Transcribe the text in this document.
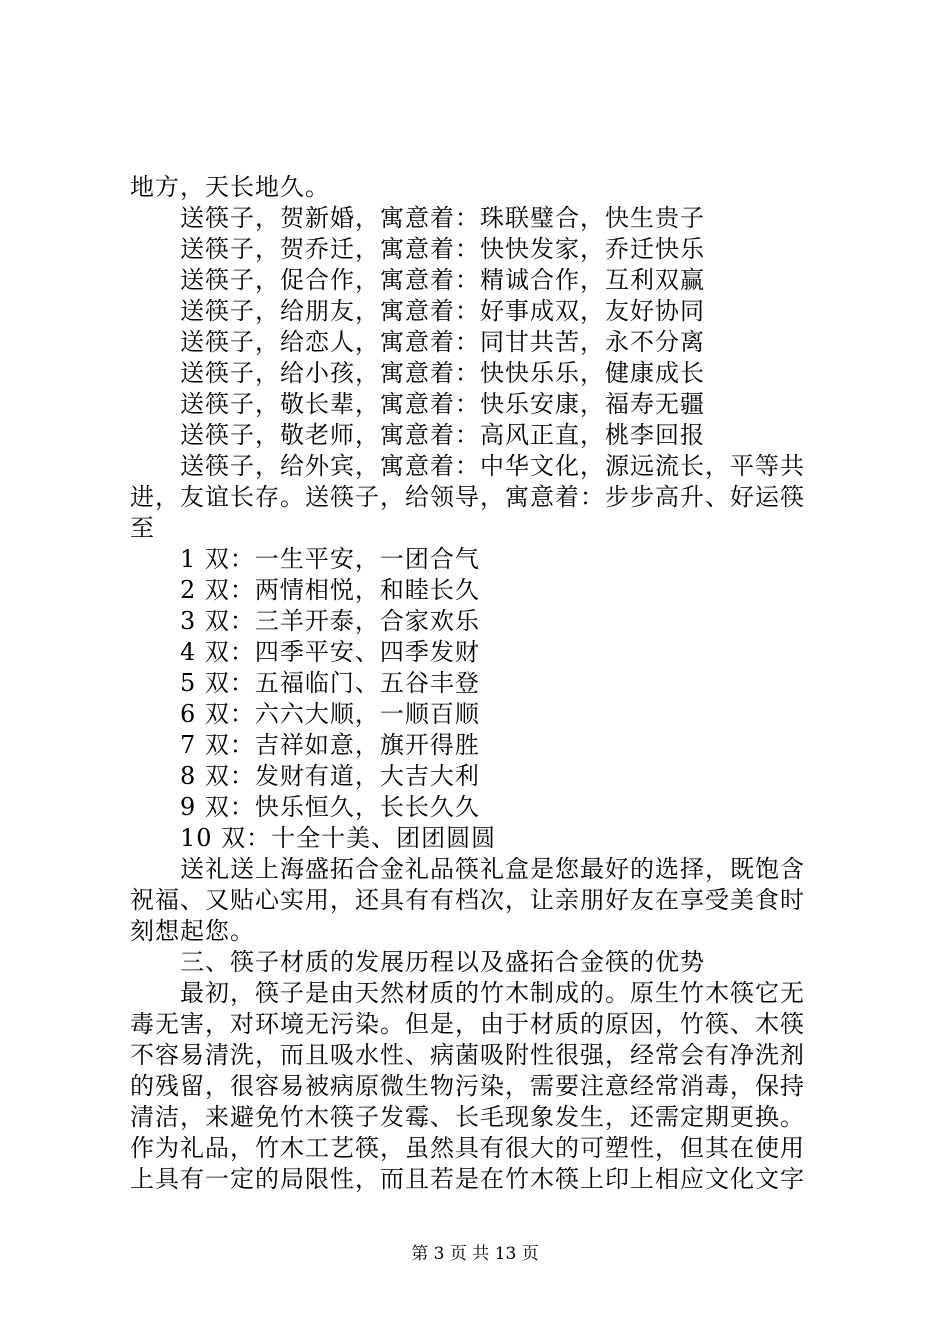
地方，天长地久。
送筷子，贺新婚，寓意着：珠联璧合，快生贵子
送筷子，贺乔迁，寓意着：快快发家，乔迁快乐
送筷子，促合作，寓意着：精诚合作，互利双赢
送筷子，给朋友，寓意着：好事成双，友好协同
送筷子，给恋人，寓意着：同甘共苦，永不分离
送筷子，给小孩，寓意着：快快乐乐，健康成长
送筷子，敬长辈，寓意着：快乐安康，福寿无疆
送筷子，敬老师，寓意着：高风正直，桃李回报
送筷子，给外宾，寓意着：中华文化，源远流长，平等共
进，友谊长存。送筷子，给领导，寓意着：步步高升、好运筷
至
1 双：一生平安，一团合气
2 双：两情相悦，和睦长久
3 双：三羊开泰，合家欢乐
4 双：四季平安、四季发财
5 双：五福临门、五谷丰登
6 双：六六大顺，一顺百顺
7 双：吉祥如意，旗开得胜
8 双：发财有道，大吉大利
9 双：快乐恒久，长长久久
10 双：十全十美、团团圆圆
送礼送上海盛拓合金礼品筷礼盒是您最好的选择，既饱含
祝福、又贴心实用，还具有有档次，让亲朋好友在享受美食时
刻想起您。
三、筷子材质的发展历程以及盛拓合金筷的优势
最初，筷子是由天然材质的竹木制成的。原生竹木筷它无
毒无害，对环境无污染。但是，由于材质的原因，竹筷、木筷
不容易清洗，而且吸水性、病菌吸附性很强，经常会有净洗剂
的残留，很容易被病原微生物污染，需要注意经常消毒，保持
清洁，来避免竹木筷子发霉、长毛现象发生，还需定期更换。
作为礼品，竹木工艺筷，虽然具有很大的可塑性，但其在使用
上具有一定的局限性，而且若是在竹木筷上印上相应文化文字
第 3 页 共 13 页
